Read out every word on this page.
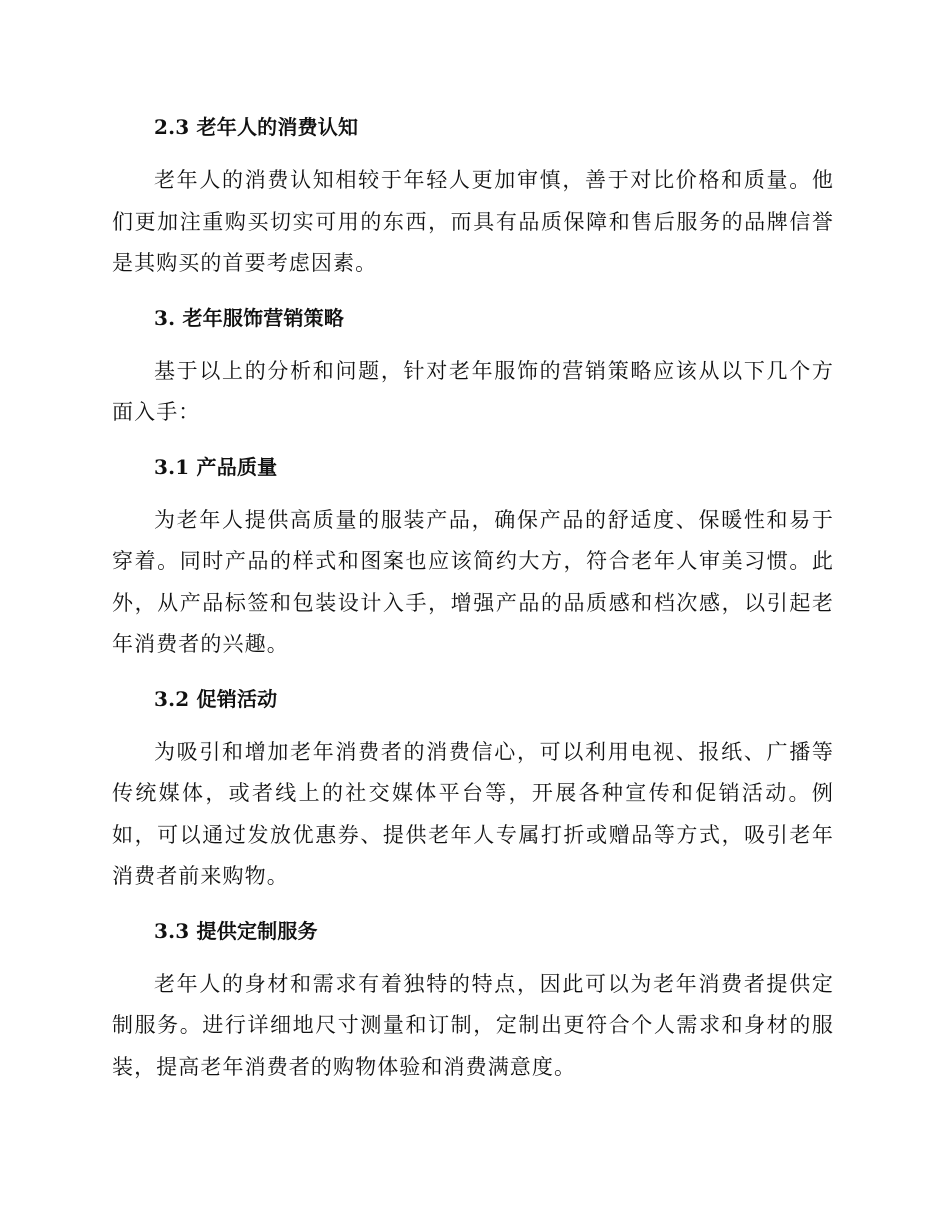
2.3 老年人的消费认知

老年人的消费认知相较于年轻人更加审慎，善于对比价格和质量。他们更加注重购买切实可用的东西，而具有品质保障和售后服务的品牌信誉是其购买的首要考虑因素。

3. 老年服饰营销策略

基于以上的分析和问题，针对老年服饰的营销策略应该从以下几个方面入手：

3.1 产品质量

为老年人提供高质量的服装产品，确保产品的舒适度、保暖性和易于穿着。同时产品的样式和图案也应该简约大方，符合老年人审美习惯。此外，从产品标签和包装设计入手，增强产品的品质感和档次感，以引起老年消费者的兴趣。

3.2 促销活动

为吸引和增加老年消费者的消费信心，可以利用电视、报纸、广播等传统媒体，或者线上的社交媒体平台等，开展各种宣传和促销活动。例如，可以通过发放优惠券、提供老年人专属打折或赠品等方式，吸引老年消费者前来购物。

3.3 提供定制服务

老年人的身材和需求有着独特的特点，因此可以为老年消费者提供定制服务。进行详细地尺寸测量和订制，定制出更符合个人需求和身材的服装，提高老年消费者的购物体验和消费满意度。
